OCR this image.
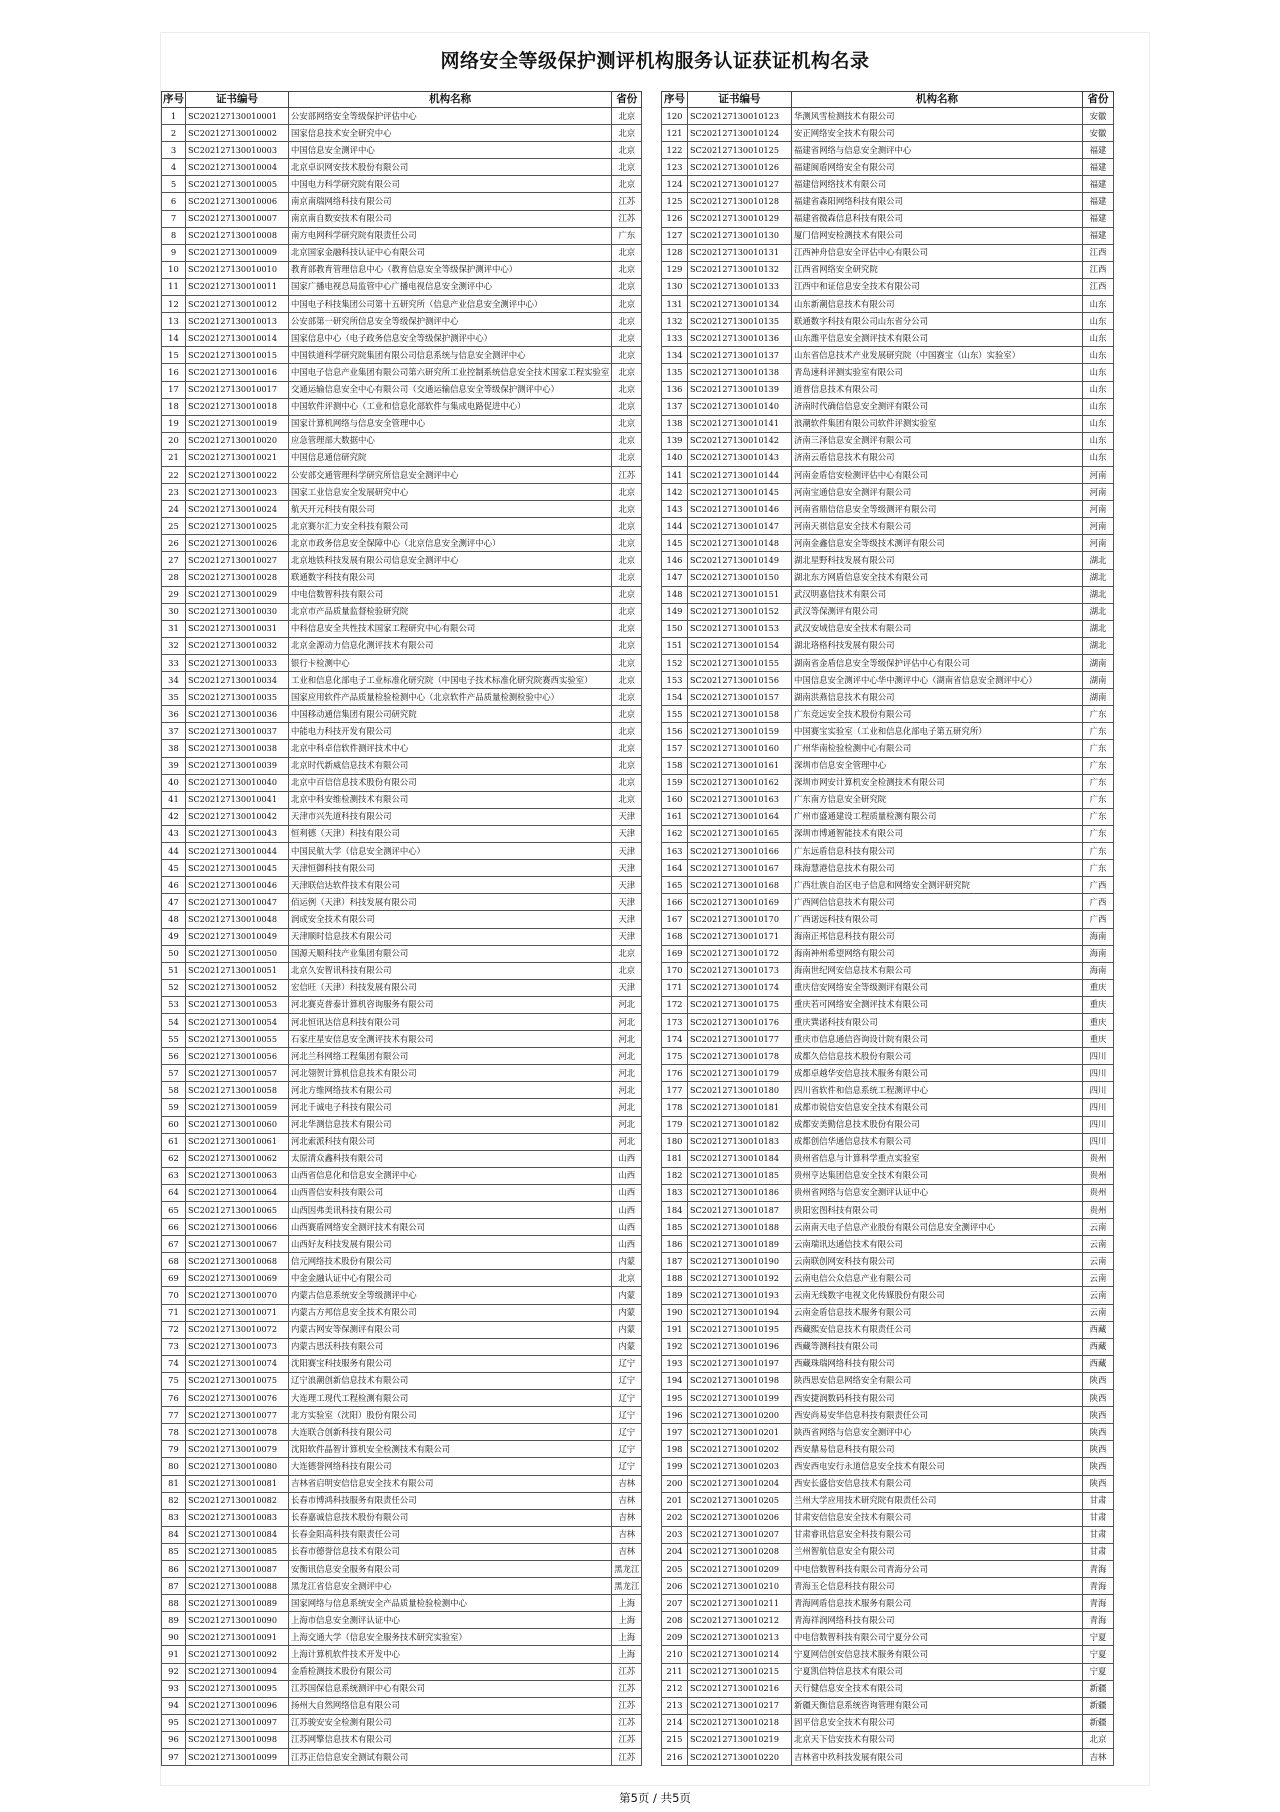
网络安全等级保护测评机构服务认证获证机构名录
序号	证书编号	机构名称	省份
1	SC202127130010001	公安部网络安全等级保护评估中心	北京
2	SC202127130010002	国家信息技术安全研究中心	北京
3	SC202127130010003	中国信息安全测评中心	北京
4	SC202127130010004	北京卓识网安技术股份有限公司	北京
5	SC202127130010005	中国电力科学研究院有限公司	北京
6	SC202127130010006	南京南瑞网络科技有限公司	江苏
7	SC202127130010007	南京南自数安技术有限公司	江苏
8	SC202127130010008	南方电网科学研究院有限责任公司	广东
9	SC202127130010009	北京国家金融科技认证中心有限公司	北京
10	SC202127130010010	教育部教育管理信息中心（教育信息安全等级保护测评中心）	北京
11	SC202127130010011	国家广播电视总局监管中心广播电视信息安全测评中心	北京
12	SC202127130010012	中国电子科技集团公司第十五研究所（信息产业信息安全测评中心）	北京
13	SC202127130010013	公安部第一研究所信息安全等级保护测评中心	北京
14	SC202127130010014	国家信息中心（电子政务信息安全等级保护测评中心）	北京
15	SC202127130010015	中国铁道科学研究院集团有限公司信息系统与信息安全测评中心	北京
16	SC202127130010016	中国电子信息产业集团有限公司第六研究所工业控制系统信息安全技术国家工程实验室	北京
17	SC202127130010017	交通运输信息安全中心有限公司（交通运输信息安全等级保护测评中心）	北京
18	SC202127130010018	中国软件评测中心（工业和信息化部软件与集成电路促进中心）	北京
19	SC202127130010019	国家计算机网络与信息安全管理中心	北京
20	SC202127130010020	应急管理部大数据中心	北京
21	SC202127130010021	中国信息通信研究院	北京
22	SC202127130010022	公安部交通管理科学研究所信息安全测评中心	江苏
23	SC202127130010023	国家工业信息安全发展研究中心	北京
24	SC202127130010024	航天开元科技有限公司	北京
25	SC202127130010025	北京赛尔汇力安全科技有限公司	北京
26	SC202127130010026	北京市政务信息安全保障中心（北京信息安全测评中心）	北京
27	SC202127130010027	北京地铁科技发展有限公司信息安全测评中心	北京
28	SC202127130010028	联通数字科技有限公司	北京
29	SC202127130010029	中电信数智科技有限公司	北京
30	SC202127130010030	北京市产品质量监督检验研究院	北京
31	SC202127130010031	中科信息安全共性技术国家工程研究中心有限公司	北京
32	SC202127130010032	北京金源动力信息化测评技术有限公司	北京
33	SC202127130010033	银行卡检测中心	北京
34	SC202127130010034	工业和信息化部电子工业标准化研究院（中国电子技术标准化研究院赛西实验室）	北京
35	SC202127130010035	国家应用软件产品质量检验检测中心（北京软件产品质量检测检验中心）	北京
36	SC202127130010036	中国移动通信集团有限公司研究院	北京
37	SC202127130010037	中能电力科技开发有限公司	北京
38	SC202127130010038	北京中科卓信软件测评技术中心	北京
39	SC202127130010039	北京时代新威信息技术有限公司	北京
40	SC202127130010040	北京中百信信息技术股份有限公司	北京
41	SC202127130010041	北京中科安维检测技术有限公司	北京
42	SC202127130010042	天津市兴先道科技有限公司	天津
43	SC202127130010043	恒利德（天津）科技有限公司	天津
44	SC202127130010044	中国民航大学（信息安全测评中心）	天津
45	SC202127130010045	天津恒御科技有限公司	天津
46	SC202127130010046	天津联信达软件技术有限公司	天津
47	SC202127130010047	佰运例（天津）科技发展有限公司	天津
48	SC202127130010048	润成安全技术有限公司	天津
49	SC202127130010049	天津顺时信息技术有限公司	天津
50	SC202127130010050	国源天顺科技产业集团有限公司	北京
51	SC202127130010051	北京久安智讯科技有限公司	北京
52	SC202127130010052	宏信旺（天津）科技发展有限公司	天津
53	SC202127130010053	河北赛克普泰计算机咨询服务有限公司	河北
54	SC202127130010054	河北恒讯达信息科技有限公司	河北
55	SC202127130010055	石家庄星安信息安全测评技术有限公司	河北
56	SC202127130010056	河北兰科网络工程集团有限公司	河北
57	SC202127130010057	河北翎贺计算机信息技术有限公司	河北
58	SC202127130010058	河北方维网络技术有限公司	河北
59	SC202127130010059	河北千诚电子科技有限公司	河北
60	SC202127130010060	河北华测信息技术有限公司	河北
61	SC202127130010061	河北索派科技有限公司	河北
62	SC202127130010062	太原清众鑫科技有限公司	山西
63	SC202127130010063	山西省信息化和信息安全测评中心	山西
64	SC202127130010064	山西晋信安科技有限公司	山西
65	SC202127130010065	山西因弗美讯科技有限公司	山西
66	SC202127130010066	山西赛盾网络安全测评技术有限公司	山西
67	SC202127130010067	山西好友科技发展有限公司	山西
68	SC202127130010068	信元网络技术股份有限公司	内蒙
69	SC202127130010069	中金金融认证中心有限公司	北京
70	SC202127130010070	内蒙古信息系统安全等级测评中心	内蒙
71	SC202127130010071	内蒙古方邦信息安全技术有限公司	内蒙
72	SC202127130010072	内蒙古网安等保测评有限公司	内蒙
73	SC202127130010073	内蒙古思沃科技有限公司	内蒙
74	SC202127130010074	沈阳赛宝科技服务有限公司	辽宁
75	SC202127130010075	辽宁浪潮创新信息技术有限公司	辽宁
76	SC202127130010076	大连理工现代工程检测有限公司	辽宁
77	SC202127130010077	北方实验室（沈阳）股份有限公司	辽宁
78	SC202127130010078	大连联合创新科技有限公司	辽宁
79	SC202127130010079	沈阳软件晶智计算机安全检测技术有限公司	辽宁
80	SC202127130010080	大连德誉网络科技有限公司	辽宁
81	SC202127130010081	吉林省启明安信信息安全技术有限公司	吉林
82	SC202127130010082	长春市博鸿科技服务有限责任公司	吉林
83	SC202127130010083	长春嘉诚信息技术股份有限公司	吉林
84	SC202127130010084	长春金阳高科技有限责任公司	吉林
85	SC202127130010085	长春市德誉信息技术有限公司	吉林
86	SC202127130010087	安衡讯信息安全服务有限公司	黑龙江
87	SC202127130010088	黑龙江省信息安全测评中心	黑龙江
88	SC202127130010089	国家网络与信息系统安全产品质量检验检测中心	上海
89	SC202127130010090	上海市信息安全测评认证中心	上海
90	SC202127130010091	上海交通大学（信息安全服务技术研究实验室）	上海
91	SC202127130010092	上海计算机软件技术开发中心	上海
92	SC202127130010094	金盾检测技术股份有限公司	江苏
93	SC202127130010095	江苏国保信息系统测评中心有限公司	江苏
94	SC202127130010096	扬州大自然网络信息有限公司	江苏
95	SC202127130010097	江苏骏安安全检测有限公司	江苏
96	SC202127130010098	江苏网擎信息技术有限公司	江苏
97	SC202127130010099	江苏正信信息安全测试有限公司	江苏
序号	证书编号	机构名称	省份
120	SC202127130010123	华测风雪检测技术有限公司	安徽
121	SC202127130010124	安正网络安全技术有限公司	安徽
122	SC202127130010125	福建省网络与信息安全测评中心	福建
123	SC202127130010126	福建闽盾网络安全有限公司	福建
124	SC202127130010127	福建信网络技术有限公司	福建
125	SC202127130010128	福建省森阳网络科技有限公司	福建
126	SC202127130010129	福建省微森信息科技有限公司	福建
127	SC202127130010130	厦门信网安检测技术有限公司	福建
128	SC202127130010131	江西神舟信息安全评估中心有限公司	江西
129	SC202127130010132	江西省网络安全研究院	江西
130	SC202127130010133	江西中和证信息安全技术有限公司	江西
131	SC202127130010134	山东新潮信息技术有限公司	山东
132	SC202127130010135	联通数字科技有限公司山东省分公司	山东
133	SC202127130010136	山东潍平信息安全测评技术有限公司	山东
134	SC202127130010137	山东省信息技术产业发展研究院（中国赛宝（山东）实验室）	山东
135	SC202127130010138	青岛速科评测实验室有限公司	山东
136	SC202127130010139	道普信息技术有限公司	山东
137	SC202127130010140	济南时代确信信息安全测评有限公司	山东
138	SC202127130010141	浪潮软件集团有限公司软件评测实验室	山东
139	SC202127130010142	济南三泽信息安全测评有限公司	山东
140	SC202127130010143	济南云盾信息技术有限公司	山东
141	SC202127130010144	河南金盾信安检测评估中心有限公司	河南
142	SC202127130010145	河南宝通信息安全测评有限公司	河南
143	SC202127130010146	河南省鼎信信息安全等级测评有限公司	河南
144	SC202127130010147	河南天祺信息安全技术有限公司	河南
145	SC202127130010148	河南金鑫信息安全等级技术测评有限公司	河南
146	SC202127130010149	湖北星野科技发展有限公司	湖北
147	SC202127130010150	湖北东方网盾信息安全技术有限公司	湖北
148	SC202127130010151	武汉明嘉信技术有限公司	湖北
149	SC202127130010152	武汉等保测评有限公司	湖北
150	SC202127130010153	武汉安域信息安全技术有限公司	湖北
151	SC202127130010154	湖北珞格科技发展有限公司	湖北
152	SC202127130010155	湖南省金盾信息安全等级保护评估中心有限公司	湖南
153	SC202127130010156	中国信息安全测评中心华中测评中心（湖南省信息安全测评中心）	湖南
154	SC202127130010157	湖南洪燕信息技术有限公司	湖南
155	SC202127130010158	广东竞远安全技术股份有限公司	广东
156	SC202127130010159	中国赛宝实验室（工业和信息化部电子第五研究所）	广东
157	SC202127130010160	广州华南检验检测中心有限公司	广东
158	SC202127130010161	深圳市信息安全管理中心	广东
159	SC202127130010162	深圳市网安计算机安全检测技术有限公司	广东
160	SC202127130010163	广东南方信息安全研究院	广东
161	SC202127130010164	广州市盛通建设工程质量检测有限公司	广东
162	SC202127130010165	深圳市博通智能技术有限公司	广东
163	SC202127130010166	广东远盾信息科技有限公司	广东
164	SC202127130010167	珠海慧港信息技术有限公司	广东
165	SC202127130010168	广西壮族自治区电子信息和网络安全测评研究院	广西
166	SC202127130010169	广西网信信息技术有限公司	广西
167	SC202127130010170	广西诺远科技有限公司	广西
168	SC202127130010171	海南正邦信息科技有限公司	海南
169	SC202127130010172	海南神州希望网络有限公司	海南
170	SC202127130010173	海南世纪网安信息技术有限公司	海南
171	SC202127130010174	重庆信安网络安全等级测评有限公司	重庆
172	SC202127130010175	重庆若可网络安全测评技术有限公司	重庆
173	SC202127130010176	重庆巽诺科技有限公司	重庆
174	SC202127130010177	重庆市信息通信咨询设计院有限公司	重庆
175	SC202127130010178	成都久信信息技术股份有限公司	四川
176	SC202127130010179	成都卓越华安信息技术服务有限公司	四川
177	SC202127130010180	四川省软件和信息系统工程测评中心	四川
178	SC202127130010181	成都市锐信安信息安全技术有限公司	四川
179	SC202127130010182	成都安美勤信息技术股份有限公司	四川
180	SC202127130010183	成都创信华通信息技术有限公司	四川
181	SC202127130010184	贵州省信息与计算科学重点实验室	贵州
182	SC202127130010185	贵州亨达集团信息安全技术有限公司	贵州
183	SC202127130010186	贵州省网络与信息安全测评认证中心	贵州
184	SC202127130010187	贵阳宏图科技有限公司	贵州
185	SC202127130010188	云南南天电子信息产业股份有限公司信息安全测评中心	云南
186	SC202127130010189	云南瑞讯达通信技术有限公司	云南
187	SC202127130010190	云南联创网安科技有限公司	云南
188	SC202127130010192	云南电信公众信息产业有限公司	云南
189	SC202127130010193	云南无线数字电视文化传媒股份有限公司	云南
190	SC202127130010194	云南金盾信息技术服务有限公司	云南
191	SC202127130010195	西藏熙安信息技术有限责任公司	西藏
192	SC202127130010196	西藏等测科技有限公司	西藏
193	SC202127130010197	西藏珠瑞网络科技有限公司	西藏
194	SC202127130010198	陕西思安信息网络安全有限公司	陕西
195	SC202127130010199	西安捷润数码科技有限公司	陕西
196	SC202127130010200	西安尚易安华信息科技有限责任公司	陕西
197	SC202127130010201	陕西省网络与信息安全测评中心	陕西
198	SC202127130010202	西安鼎易信息科技有限公司	陕西
199	SC202127130010203	西安西电安行永道信息安全技术有限公司	陕西
200	SC202127130010204	西安长盛信安信息技术有限公司	陕西
201	SC202127130010205	兰州大学应用技术研究院有限责任公司	甘肃
202	SC202127130010206	甘肃安信信息安全技术有限公司	甘肃
203	SC202127130010207	甘肃睿讯信息安全科技有限公司	甘肃
204	SC202127130010208	兰州智航信息安全有限公司	甘肃
205	SC202127130010209	中电信数智科技有限公司青海分公司	青海
206	SC202127130010210	青海玉仑信息科技有限公司	青海
207	SC202127130010211	青海网盾信息技术服务有限公司	青海
208	SC202127130010212	青海祥润网络科技有限公司	青海
209	SC202127130010213	中电信数智科技有限公司宁夏分公司	宁夏
210	SC202127130010214	宁夏网信创安信息技术服务有限公司	宁夏
211	SC202127130010215	宁夏凯信特信息技术有限公司	宁夏
212	SC202127130010216	天行健信息安全技术有限公司	新疆
213	SC202127130010217	新疆天衡信息系统咨询管理有限公司	新疆
214	SC202127130010218	固平信息安全技术有限公司	新疆
215	SC202127130010219	北京天下信安技术有限公司	北京
216	SC202127130010220	吉林省中玖科技发展有限公司	吉林
第5页 / 共5页
